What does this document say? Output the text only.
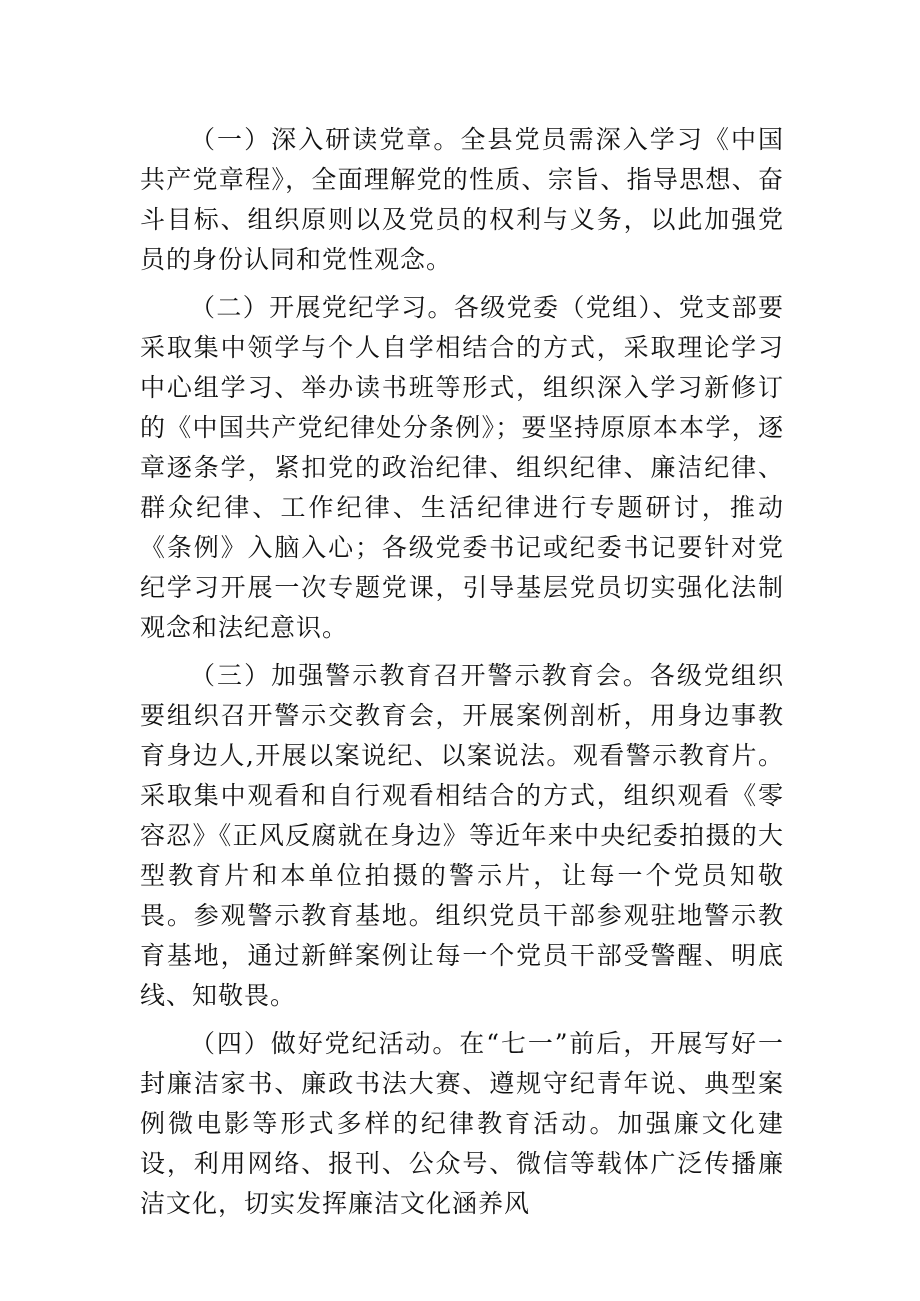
（一）深入研读党章。全县党员需深入学习《中国共产党章程》，全面理解党的性质、宗旨、指导思想、奋斗目标、组织原则以及党员的权利与义务，以此加强党员的身份认同和党性观念。

（二）开展党纪学习。各级党委（党组）、党支部要采取集中领学与个人自学相结合的方式，采取理论学习中心组学习、举办读书班等形式，组织深入学习新修订的《中国共产党纪律处分条例》；要坚持原原本本学，逐章逐条学，紧扣党的政治纪律、组织纪律、廉洁纪律、群众纪律、工作纪律、生活纪律进行专题研讨，推动《条例》入脑入心；各级党委书记或纪委书记要针对党纪学习开展一次专题党课，引导基层党员切实强化法制观念和法纪意识。

（三）加强警示教育召开警示教育会。各级党组织要组织召开警示交教育会，开展案例剖析，用身边事教育身边人,开展以案说纪、以案说法。观看警示教育片。采取集中观看和自行观看相结合的方式，组织观看《零容忍》《正风反腐就在身边》等近年来中央纪委拍摄的大型教育片和本单位拍摄的警示片，让每一个党员知敬畏。参观警示教育基地。组织党员干部参观驻地警示教育基地，通过新鲜案例让每一个党员干部受警醒、明底线、知敬畏。

（四）做好党纪活动。在“七一”前后，开展写好一封廉洁家书、廉政书法大赛、遵规守纪青年说、典型案例微电影等形式多样的纪律教育活动。加强廉文化建设，利用网络、报刊、公众号、微信等载体广泛传播廉洁文化，切实发挥廉洁文化涵养风
